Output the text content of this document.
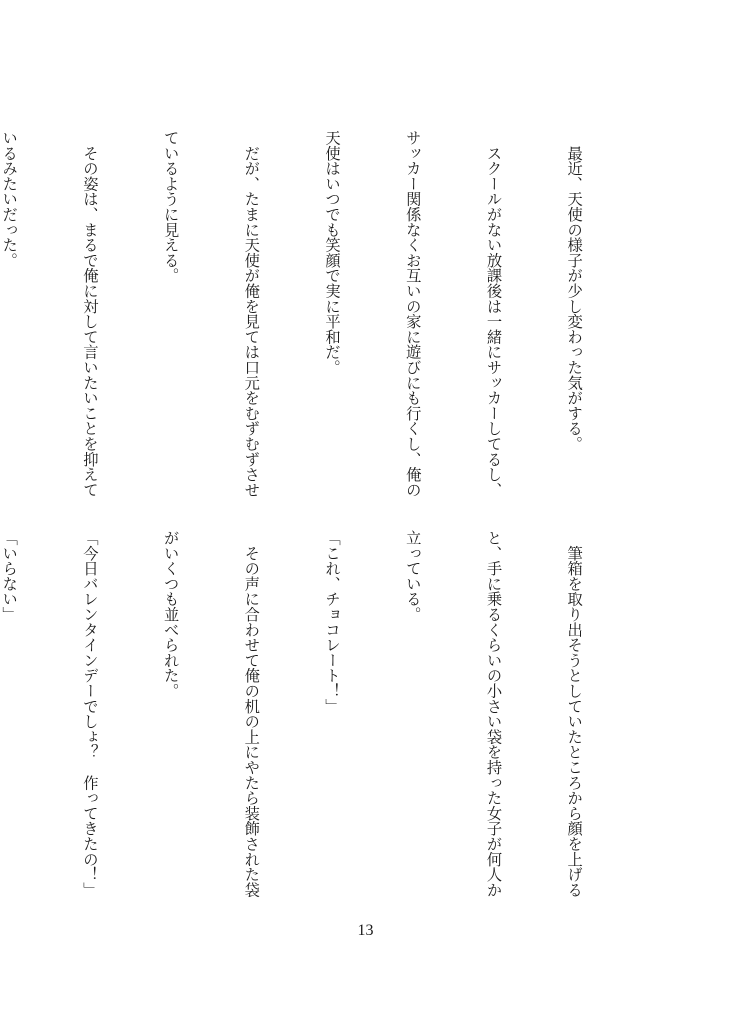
　最近、天使の様子が少し変わった気がする。

　スクールがない放課後は一緒にサッカーしてるし、

サッカー関係なくお互いの家に遊びにも行くし、俺の

天使はいつでも笑顔で実に平和だ。

　だが、たまに天使が俺を見ては口元をむずむずさせ

ているように見える。

　その姿は、まるで俺に対して言いたいことを抑えて

いるみたいだった。

　筆箱を取り出そうとしていたところから顔を上げる

と、手に乗るくらいの小さい袋を持った女子が何人か

立っている。

「これ、チョコレート！」

　その声に合わせて俺の机の上にやたら装飾された袋

がいくつも並べられた。

「今日バレンタインデーでしょ？　作ってきたの！」

「いらない」

13
